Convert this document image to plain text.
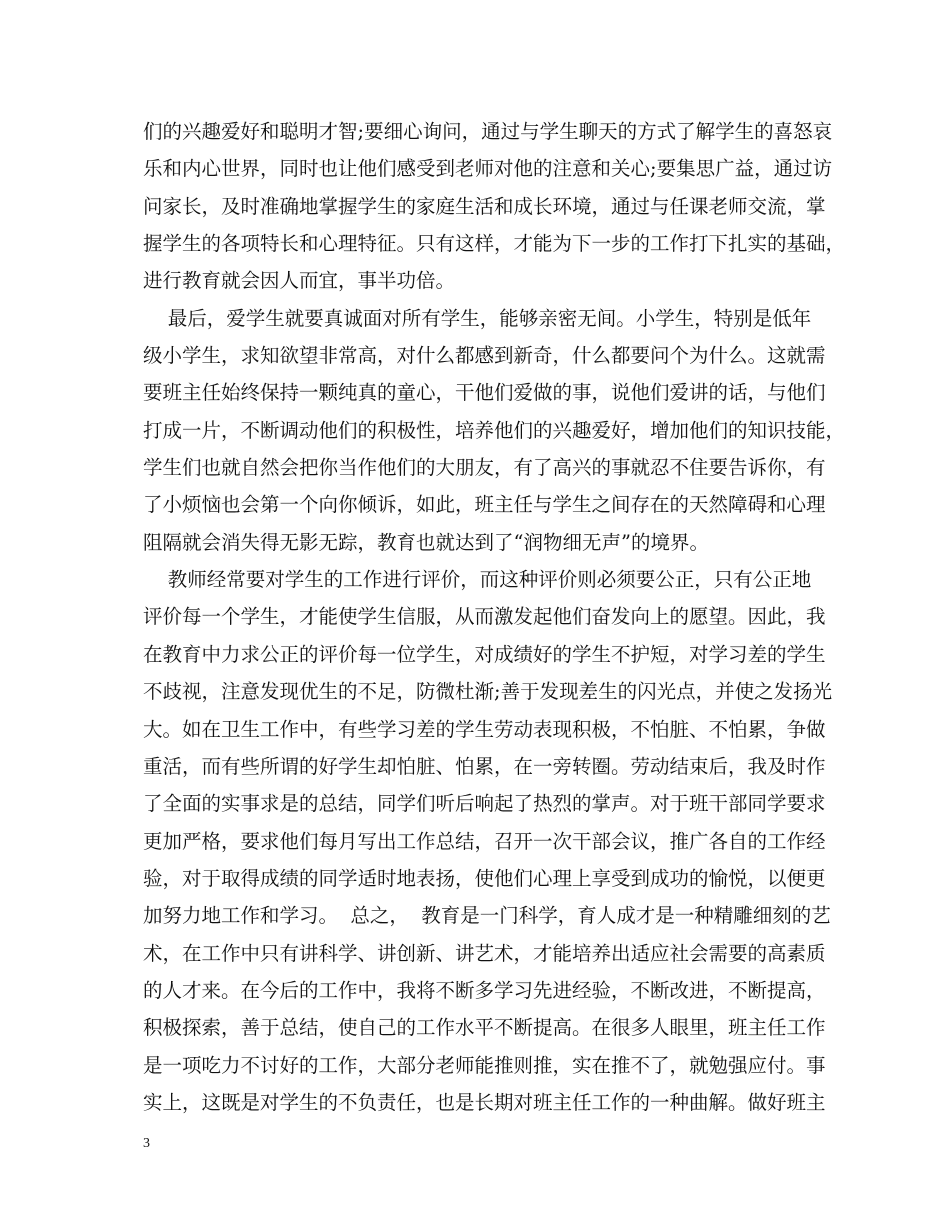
们的兴趣爱好和聪明才智;要细心询问，通过与学生聊天的方式了解学生的喜怒哀
乐和内心世界，同时也让他们感受到老师对他的注意和关心;要集思广益，通过访
问家长，及时准确地掌握学生的家庭生活和成长环境，通过与任课老师交流，掌
握学生的各项特长和心理特征。只有这样，才能为下一步的工作打下扎实的基础，
进行教育就会因人而宜，事半功倍。
最后，爱学生就要真诚面对所有学生，能够亲密无间。小学生，特别是低年
级小学生，求知欲望非常高，对什么都感到新奇，什么都要问个为什么。这就需
要班主任始终保持一颗纯真的童心，干他们爱做的事，说他们爱讲的话，与他们
打成一片，不断调动他们的积极性，培养他们的兴趣爱好，增加他们的知识技能，
学生们也就自然会把你当作他们的大朋友，有了高兴的事就忍不住要告诉你，有
了小烦恼也会第一个向你倾诉，如此，班主任与学生之间存在的天然障碍和心理
阻隔就会消失得无影无踪，教育也就达到了“润物细无声”的境界。
教师经常要对学生的工作进行评价，而这种评价则必须要公正，只有公正地
评价每一个学生，才能使学生信服，从而激发起他们奋发向上的愿望。因此，我
在教育中力求公正的评价每一位学生，对成绩好的学生不护短，对学习差的学生
不歧视，注意发现优生的不足，防微杜渐;善于发现差生的闪光点，并使之发扬光
大。如在卫生工作中，有些学习差的学生劳动表现积极，不怕脏、不怕累，争做
重活，而有些所谓的好学生却怕脏、怕累，在一旁转圈。劳动结束后，我及时作
了全面的实事求是的总结，同学们听后响起了热烈的掌声。对于班干部同学要求
更加严格，要求他们每月写出工作总结，召开一次干部会议，推广各自的工作经
验，对于取得成绩的同学适时地表扬，使他们心理上享受到成功的愉悦，以便更
加努力地工作和学习。  总之，  教育是一门科学，育人成才是一种精雕细刻的艺
术，在工作中只有讲科学、讲创新、讲艺术，才能培养出适应社会需要的高素质
的人才来。在今后的工作中，我将不断多学习先进经验，不断改进，不断提高，
积极探索，善于总结，使自己的工作水平不断提高。在很多人眼里，班主任工作
是一项吃力不讨好的工作，大部分老师能推则推，实在推不了，就勉强应付。事
实上，这既是对学生的不负责任，也是长期对班主任工作的一种曲解。做好班主
3
